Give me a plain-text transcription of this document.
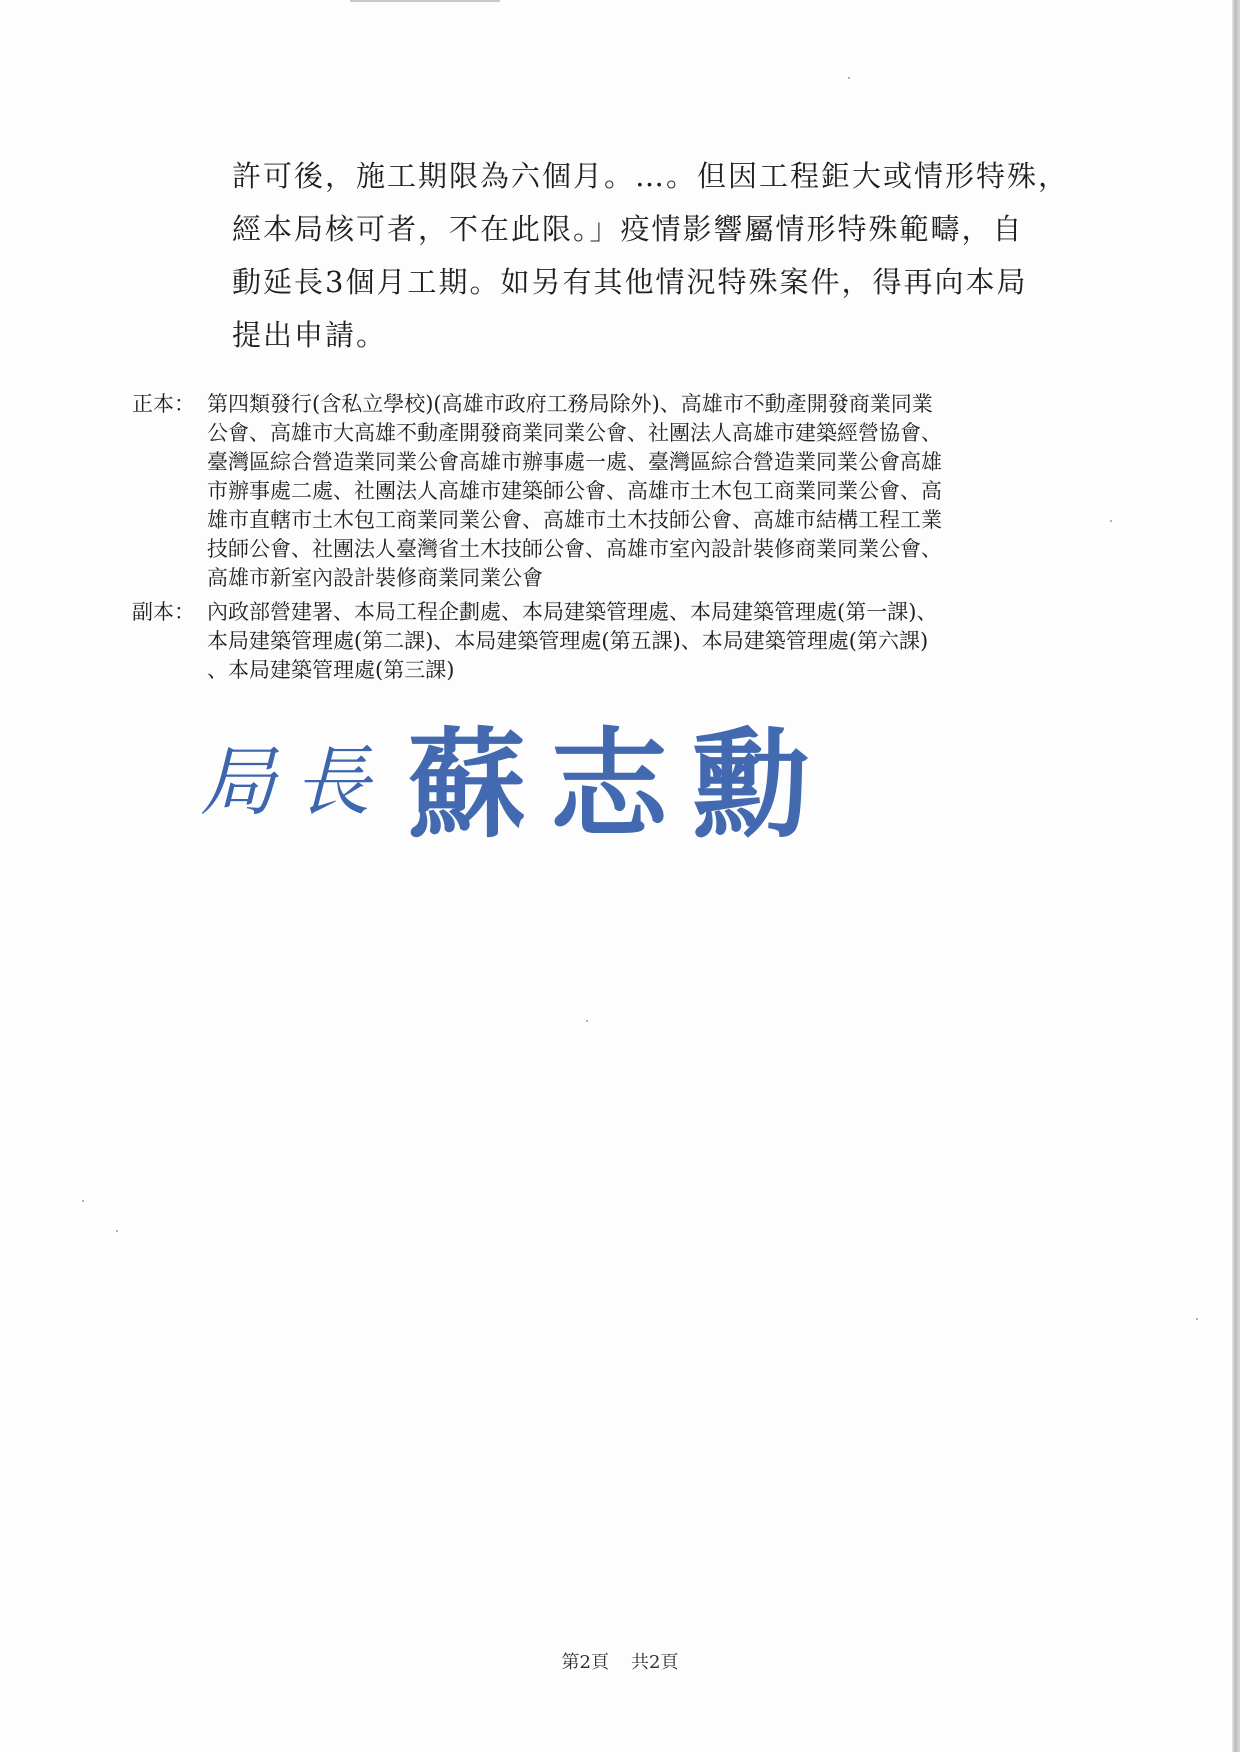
許可後，施工期限為六個月。…。但因工程鉅大或情形特殊，
經本局核可者，不在此限。」疫情影響屬情形特殊範疇，自
動延長3個月工期。如另有其他情況特殊案件，得再向本局
提出申請。
正本： 第四類發行(含私立學校)(高雄市政府工務局除外)、高雄市不動產開發商業同業
公會、高雄市大高雄不動產開發商業同業公會、社團法人高雄市建築經營協會、
臺灣區綜合營造業同業公會高雄市辦事處一處、臺灣區綜合營造業同業公會高雄
市辦事處二處、社團法人高雄市建築師公會、高雄市土木包工商業同業公會、高
雄市直轄市土木包工商業同業公會、高雄市土木技師公會、高雄市結構工程工業
技師公會、社團法人臺灣省土木技師公會、高雄市室內設計裝修商業同業公會、
高雄市新室內設計裝修商業同業公會
副本： 內政部營建署、本局工程企劃處、本局建築管理處、本局建築管理處(第一課)、
本局建築管理處(第二課)、本局建築管理處(第五課)、本局建築管理處(第六課)
、本局建築管理處(第三課)
局長 蘇志勳
第2頁 共2頁
